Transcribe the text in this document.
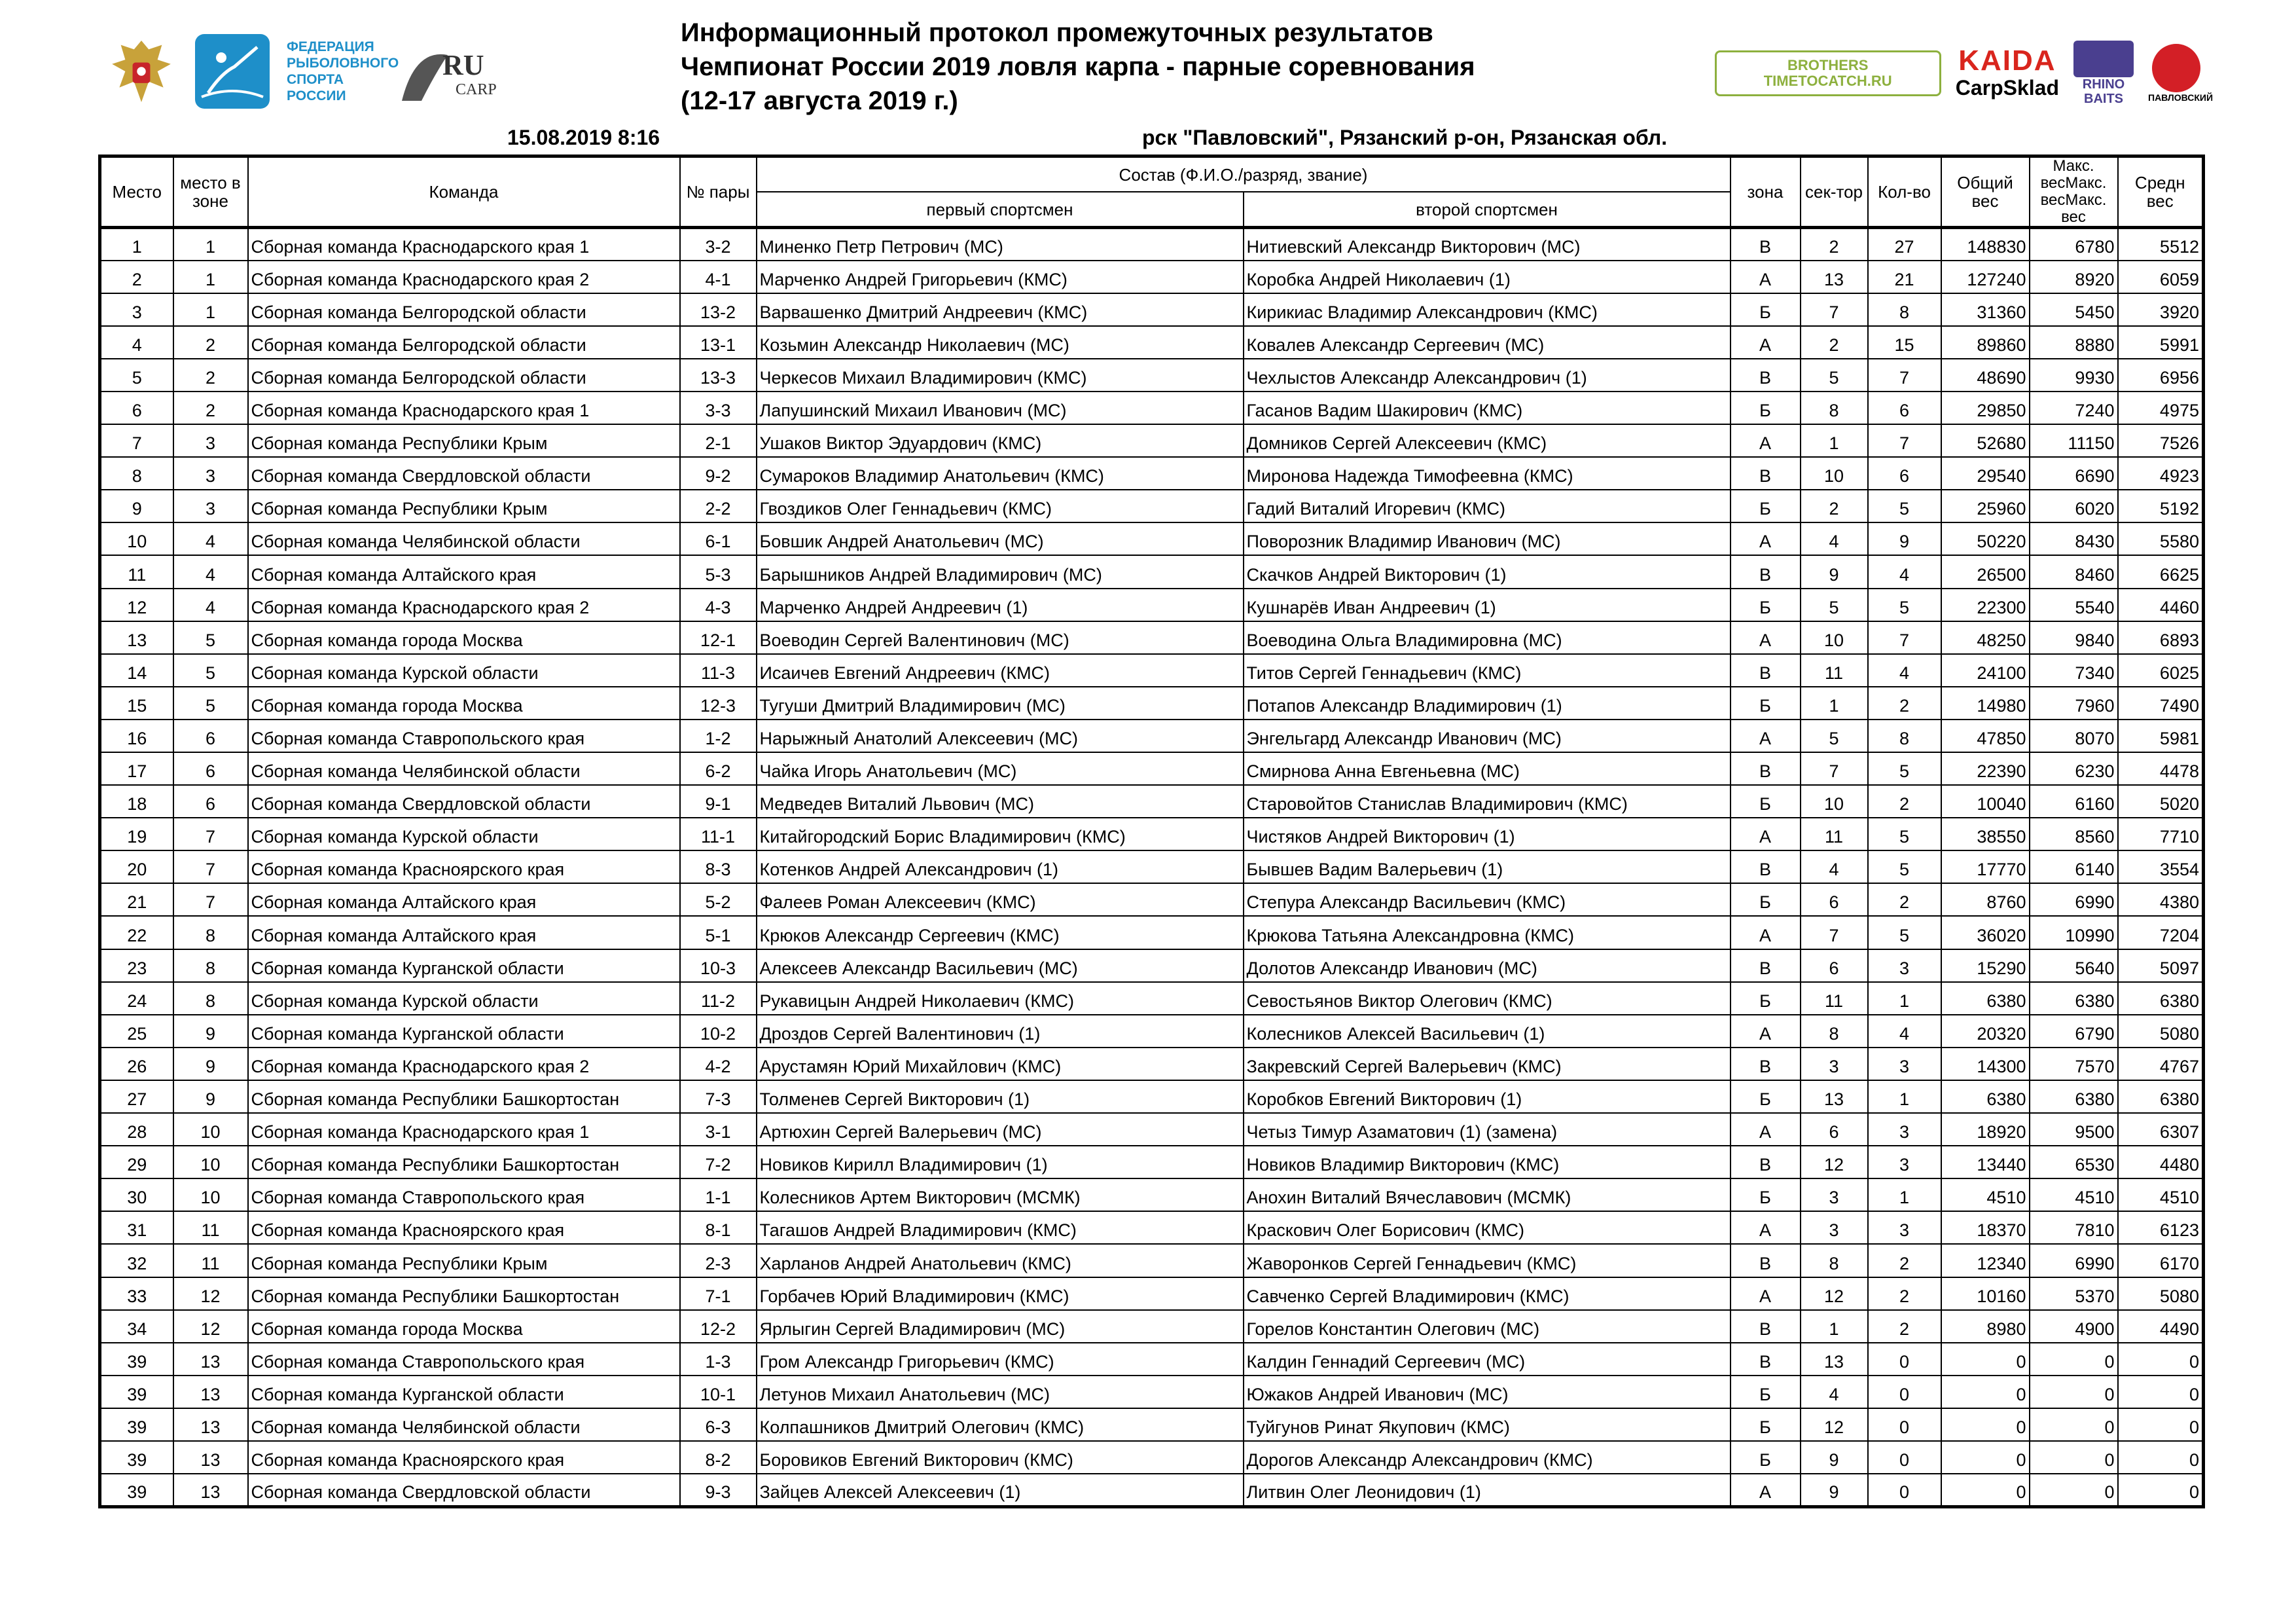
ФЕДЕРАЦИЯ
РЫБОЛОВНОГО
СПОРТА
РОССИИ
RU
CARP
Информационный протокол промежуточных результатов
Чемпионат России 2019 ловля карпа - парные соревнования
(12-17 августа 2019 г.)
BROTHERS
TIMETOCATCH.RU
KAIDA
CarpSklad	RHINO
BAITS	ПАВЛОВСКИЙ
15.08.2019 8:16	рск "Павловский", Рязанский р-он, Рязанская обл.
Место	место в зоне	Команда	№ пары	Состав (Ф.И.О./разряд, звание)		зона	сек-тор	Кол-во	Общий вес	Макс. весМакс. весМакс. вес	Средн вес
				первый спортсмен	второй спортсмен						
1	1	Сборная команда Краснодарского края 1	3-2	Миненко Петр Петрович (МС)	Нитиевский Александр Викторович (МС)	В	2	27	148830	6780	5512
2	1	Сборная команда Краснодарского края 2	4-1	Марченко Андрей Григорьевич (КМС)	Коробка Андрей Николаевич (1)	А	13	21	127240	8920	6059
3	1	Сборная команда Белгородской области	13-2	Варвашенко Дмитрий Андреевич (КМС)	Кирикиас Владимир Александрович (КМС)	Б	7	8	31360	5450	3920
4	2	Сборная команда Белгородской области	13-1	Козьмин Александр Николаевич (МС)	Ковалев Александр Сергеевич (МС)	А	2	15	89860	8880	5991
5	2	Сборная команда Белгородской области	13-3	Черкесов Михаил Владимирович (КМС)	Чехлыстов Александр Александрович (1)	В	5	7	48690	9930	6956
6	2	Сборная команда Краснодарского края 1	3-3	Лапушинский Михаил Иванович (МС)	Гасанов Вадим Шакирович (КМС)	Б	8	6	29850	7240	4975
7	3	Сборная команда Республики Крым	2-1	Ушаков Виктор Эдуардович (КМС)	Домников Сергей Алексеевич (КМС)	А	1	7	52680	11150	7526
8	3	Сборная команда Свердловской области	9-2	Сумароков Владимир Анатольевич (КМС)	Миронова Надежда Тимофеевна (КМС)	В	10	6	29540	6690	4923
9	3	Сборная команда Республики Крым	2-2	Гвоздиков Олег Геннадьевич (КМС)	Гадий Виталий Игоревич (КМС)	Б	2	5	25960	6020	5192
10	4	Сборная команда Челябинской области	6-1	Бовшик Андрей Анатольевич (МС)	Поворозник Владимир Иванович (МС)	А	4	9	50220	8430	5580
11	4	Сборная команда Алтайского края	5-3	Барышников Андрей Владимирович (МС)	Скачков Андрей Викторович (1)	В	9	4	26500	8460	6625
12	4	Сборная команда Краснодарского края 2	4-3	Марченко Андрей Андреевич (1)	Кушнарёв Иван Андреевич (1)	Б	5	5	22300	5540	4460
13	5	Сборная команда города Москва	12-1	Воеводин Сергей Валентинович (МС)	Воеводина Ольга Владимировна (МС)	А	10	7	48250	9840	6893
14	5	Сборная команда Курской области	11-3	Исаичев Евгений Андреевич (КМС)	Титов Сергей Геннадьевич (КМС)	В	11	4	24100	7340	6025
15	5	Сборная команда города Москва	12-3	Тугуши Дмитрий Владимирович (МС)	Потапов Александр Владимирович (1)	Б	1	2	14980	7960	7490
16	6	Сборная команда Ставропольского края	1-2	Нарыжный Анатолий Алексеевич (МС)	Энгельгард Александр Иванович (МС)	А	5	8	47850	8070	5981
17	6	Сборная команда Челябинской области	6-2	Чайка Игорь Анатольевич (МС)	Смирнова Анна Евгеньевна (МС)	В	7	5	22390	6230	4478
18	6	Сборная команда Свердловской области	9-1	Медведев Виталий Львович (МС)	Старовойтов Станислав Владимирович (КМС)	Б	10	2	10040	6160	5020
19	7	Сборная команда Курской области	11-1	Китайгородский Борис Владимирович (КМС)	Чистяков Андрей Викторович (1)	А	11	5	38550	8560	7710
20	7	Сборная команда Красноярского края	8-3	Котенков Андрей Александрович (1)	Бывшев Вадим Валерьевич (1)	В	4	5	17770	6140	3554
21	7	Сборная команда Алтайского края	5-2	Фалеев Роман Алексеевич (КМС)	Степура Александр Васильевич (КМС)	Б	6	2	8760	6990	4380
22	8	Сборная команда Алтайского края	5-1	Крюков Александр Сергеевич (КМС)	Крюкова Татьяна Александровна (КМС)	А	7	5	36020	10990	7204
23	8	Сборная команда Курганской области	10-3	Алексеев Александр Васильевич (МС)	Долотов Александр Иванович (МС)	В	6	3	15290	5640	5097
24	8	Сборная команда Курской области	11-2	Рукавицын Андрей Николаевич (КМС)	Севостьянов Виктор Олегович (КМС)	Б	11	1	6380	6380	6380
25	9	Сборная команда Курганской области	10-2	Дроздов Сергей Валентинович (1)	Колесников Алексей Васильевич (1)	А	8	4	20320	6790	5080
26	9	Сборная команда Краснодарского края 2	4-2	Арустамян Юрий Михайлович (КМС)	Закревский Сергей Валерьевич (КМС)	В	3	3	14300	7570	4767
27	9	Сборная команда Республики Башкортостан	7-3	Толменев Сергей Викторович (1)	Коробков Евгений Викторович (1)	Б	13	1	6380	6380	6380
28	10	Сборная команда Краснодарского края 1	3-1	Артюхин Сергей Валерьевич (МС)	Четыз Тимур Азаматович (1) (замена)	А	6	3	18920	9500	6307
29	10	Сборная команда Республики Башкортостан	7-2	Новиков Кирилл Владимирович (1)	Новиков Владимир Викторович (КМС)	В	12	3	13440	6530	4480
30	10	Сборная команда Ставропольского края	1-1	Колесников Артем Викторович (МСМК)	Анохин Виталий Вячеславович (МСМК)	Б	3	1	4510	4510	4510
31	11	Сборная команда Красноярского края	8-1	Тагашов Андрей Владимирович (КМС)	Краскович Олег Борисович (КМС)	А	3	3	18370	7810	6123
32	11	Сборная команда Республики Крым	2-3	Харланов Андрей Анатольевич (КМС)	Жаворонков Сергей Геннадьевич (КМС)	В	8	2	12340	6990	6170
33	12	Сборная команда Республики Башкортостан	7-1	Горбачев Юрий Владимирович (КМС)	Савченко Сергей Владимирович (КМС)	А	12	2	10160	5370	5080
34	12	Сборная команда города Москва	12-2	Ярлыгин Сергей Владимирович (МС)	Горелов Константин Олегович (МС)	В	1	2	8980	4900	4490
39	13	Сборная команда Ставропольского края	1-3	Гром Александр Григорьевич (КМС)	Калдин Геннадий Сергеевич (МС)	В	13	0	0	0	0
39	13	Сборная команда Курганской области	10-1	Летунов Михаил Анатольевич (МС)	Южаков Андрей Иванович (МС)	Б	4	0	0	0	0
39	13	Сборная команда Челябинской области	6-3	Колпашников Дмитрий Олегович (КМС)	Туйгунов Ринат Якупович (КМС)	Б	12	0	0	0	0
39	13	Сборная команда Красноярского края	8-2	Боровиков Евгений Викторович (КМС)	Дорогов Александр Александрович (КМС)	Б	9	0	0	0	0
39	13	Сборная команда Свердловской области	9-3	Зайцев Алексей Алексеевич (1)	Литвин Олег Леонидович (1)	А	9	0	0	0	0
